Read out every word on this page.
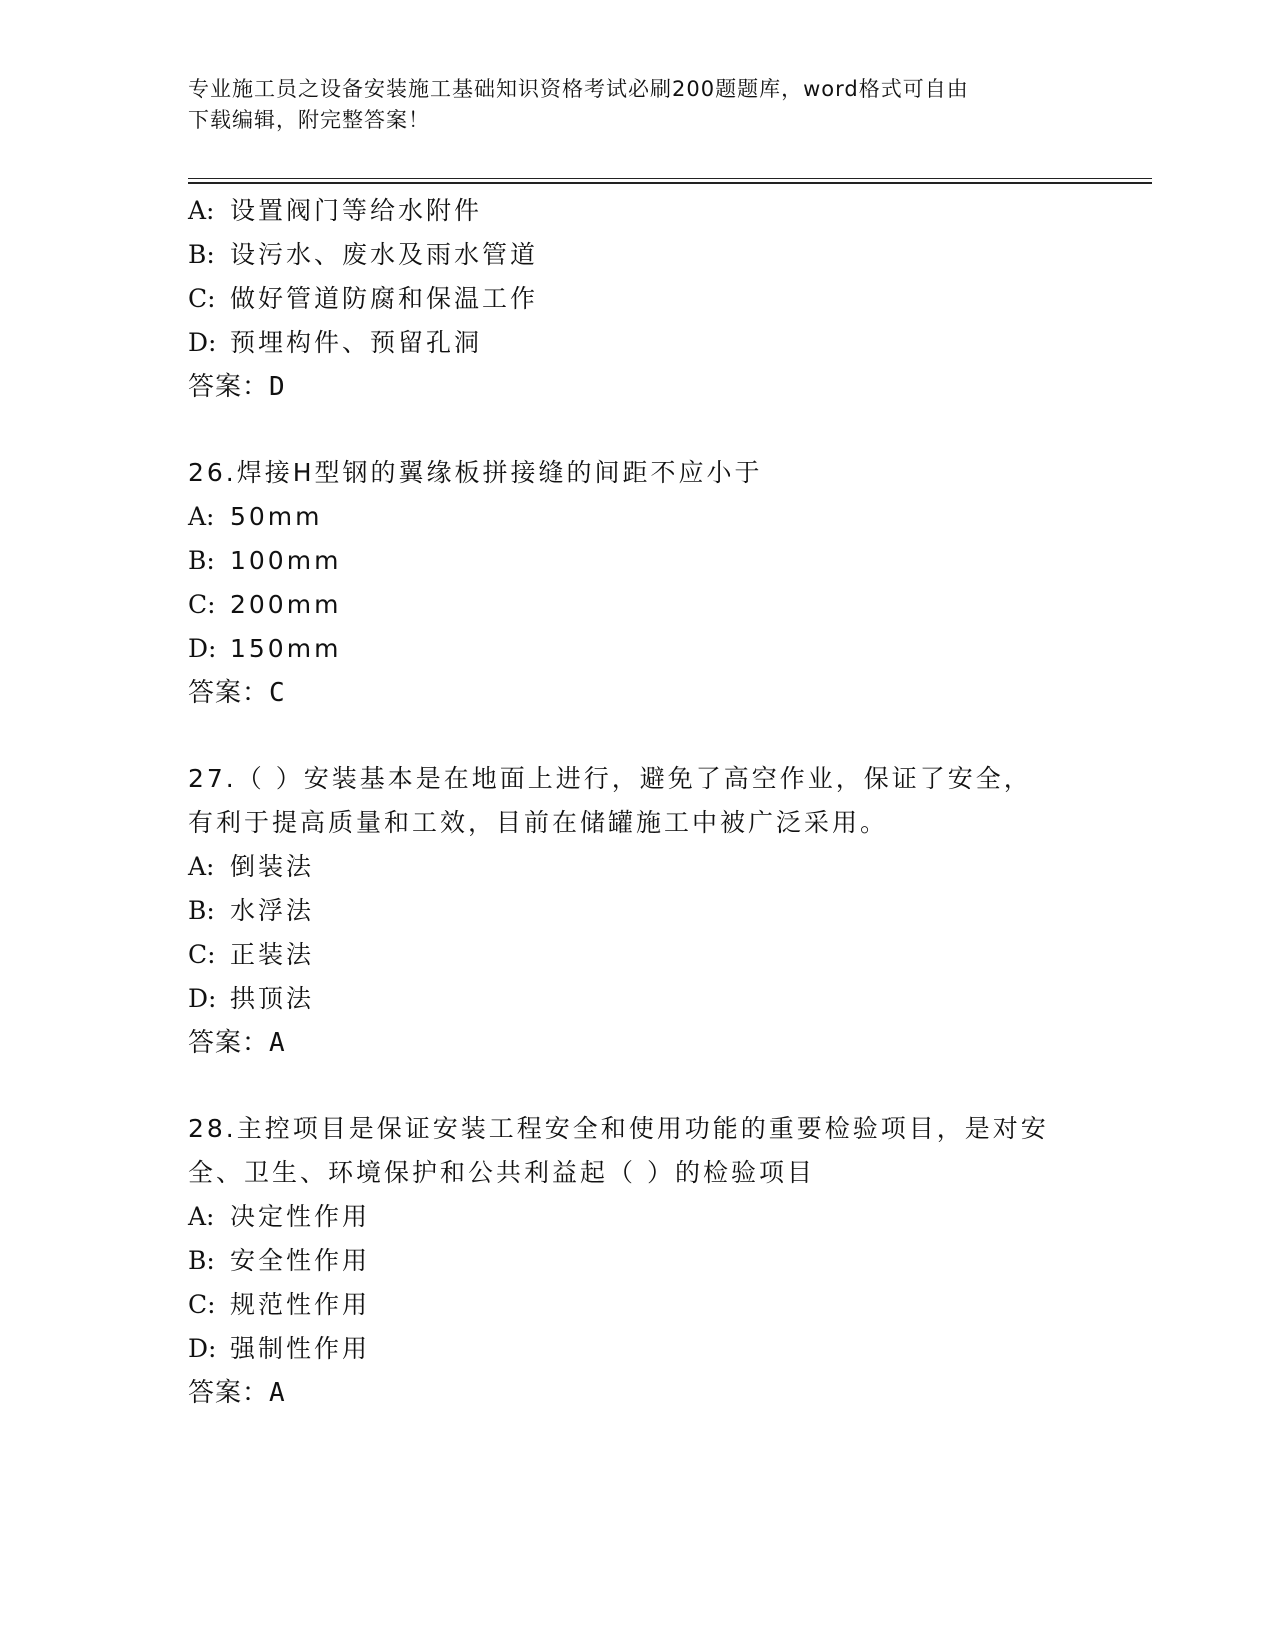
专业施工员之设备安装施工基础知识资格考试必刷200题题库，word格式可自由
下载编辑，附完整答案！
A: 设置阀门等给水附件
B: 设污水、废水及雨水管道
C: 做好管道防腐和保温工作
D: 预埋构件、预留孔洞
答案：D
26.焊接H型钢的翼缘板拼接缝的间距不应小于
A: 50mm
B: 100mm
C: 200mm
D: 150mm
答案：C
27.（ ）安装基本是在地面上进行，避免了高空作业，保证了安全，
有利于提高质量和工效，目前在储罐施工中被广泛采用。
A: 倒装法
B: 水浮法
C: 正装法
D: 拱顶法
答案：A
28.主控项目是保证安装工程安全和使用功能的重要检验项目，是对安
全、卫生、环境保护和公共利益起（ ）的检验项目
A: 决定性作用
B: 安全性作用
C: 规范性作用
D: 强制性作用
答案：A
